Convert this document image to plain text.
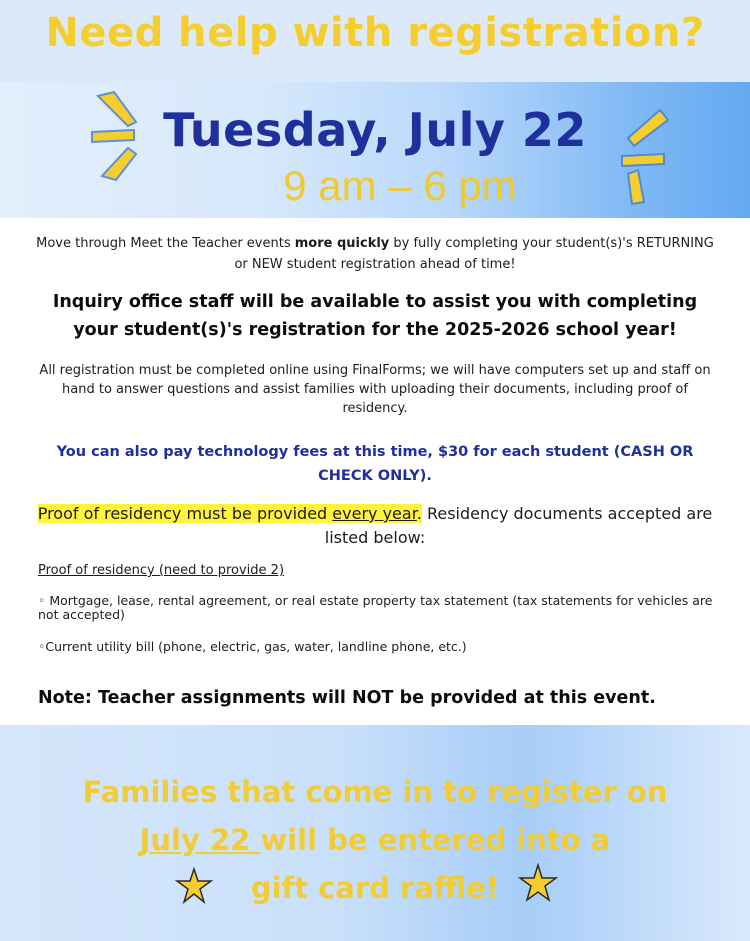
Need help with registration?
Tuesday, July 22
9 am – 6 pm
Move through Meet the Teacher events more quickly by fully completing your student(s)'s RETURNING or NEW student registration ahead of time!
Inquiry office staff will be available to assist you with completing your student(s)'s registration for the 2025-2026 school year!
All registration must be completed online using FinalForms; we will have computers set up and staff on hand to answer questions and assist families with uploading their documents, including proof of residency.
You can also pay technology fees at this time, $30 for each student (CASH OR CHECK ONLY).
Proof of residency must be provided every year. Residency documents accepted are listed below:
Proof of residency (need to provide 2)
◦ Mortgage, lease, rental agreement, or real estate property tax statement (tax statements for vehicles are not accepted)
◦Current utility bill (phone, electric, gas, water, landline phone, etc.)
Note: Teacher assignments will NOT be provided at this event.
Families that come in to register on
July 22 will be entered into a
gift card raffle!
